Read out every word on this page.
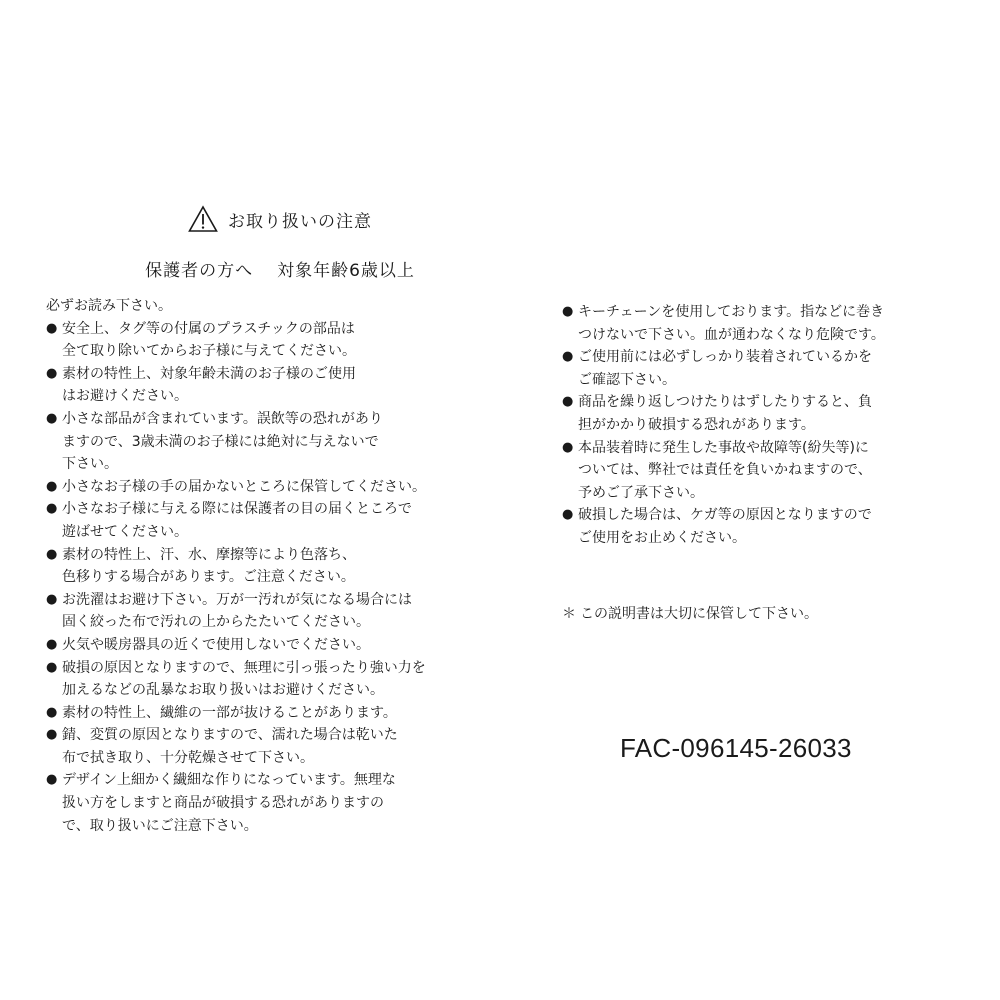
お取り扱いの注意
保護者の方へ 対象年齢6歳以上
必ずお読み下さい。
● 安全上、タグ等の付属のプラスチックの部品は
全て取り除いてからお子様に与えてください。
● 素材の特性上、対象年齢未満のお子様のご使用
はお避けください。
● 小さな部品が含まれています。誤飲等の恐れがあり
ますので、3歳未満のお子様には絶対に与えないで
下さい。
● 小さなお子様の手の届かないところに保管してください。
● 小さなお子様に与える際には保護者の目の届くところで
遊ばせてください。
● 素材の特性上、汗、水、摩擦等により色落ち、
色移りする場合があります。ご注意ください。
● お洗濯はお避け下さい。万が一汚れが気になる場合には
固く絞った布で汚れの上からたたいてください。
● 火気や暖房器具の近くで使用しないでください。
● 破損の原因となりますので、無理に引っ張ったり強い力を
加えるなどの乱暴なお取り扱いはお避けください。
● 素材の特性上、繊維の一部が抜けることがあります。
● 錆、変質の原因となりますので、濡れた場合は乾いた
布で拭き取り、十分乾燥させて下さい。
● デザイン上細かく繊細な作りになっています。無理な
扱い方をしますと商品が破損する恐れがありますの
で、取り扱いにご注意下さい。
● キーチェーンを使用しております。指などに巻き
つけないで下さい。血が通わなくなり危険です。
● ご使用前には必ずしっかり装着されているかを
ご確認下さい。
● 商品を繰り返しつけたりはずしたりすると、負
担がかかり破損する恐れがあります。
● 本品装着時に発生した事故や故障等(紛失等)に
ついては、弊社では責任を負いかねますので、
予めご了承下さい。
● 破損した場合は、ケガ等の原因となりますので
ご使用をお止めください。
＊ この説明書は大切に保管して下さい。
FAC-096145-26033
